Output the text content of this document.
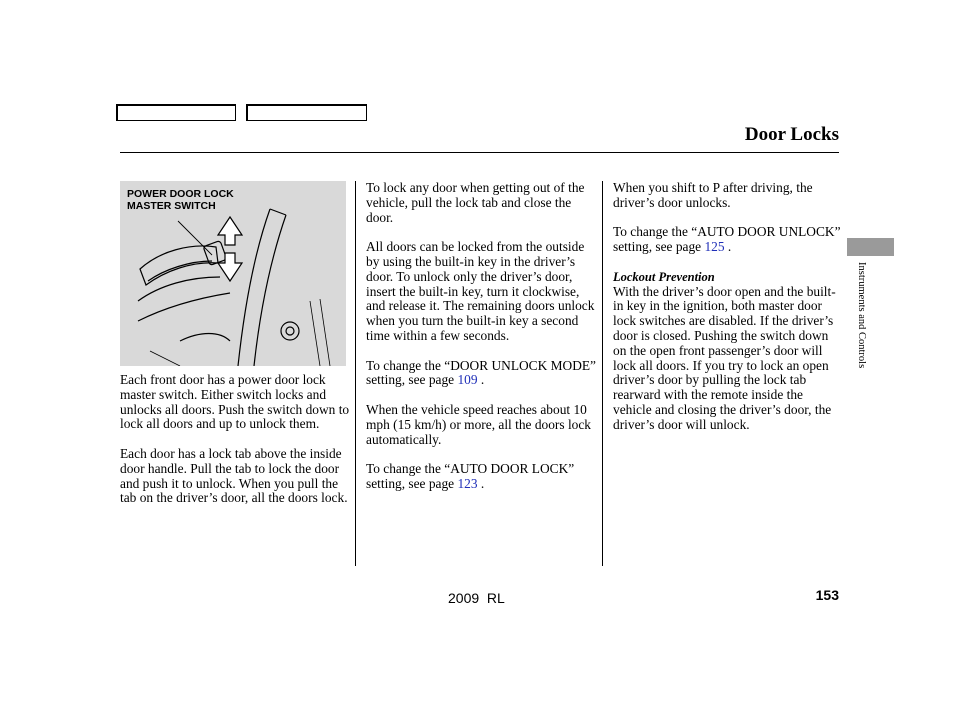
Door Locks
POWER DOOR LOCK
MASTER SWITCH

Each front door has a power door lock master switch. Either switch locks and unlocks all doors. Push the switch down to lock all doors and up to unlock them.

Each door has a lock tab above the inside door handle. Pull the tab to lock the door and push it to unlock. When you pull the tab on the driver’s door, all the doors lock.

To lock any door when getting out of the vehicle, pull the lock tab and close the door.

All doors can be locked from the outside by using the built-in key in the driver’s door. To unlock only the driver’s door, insert the built-in key, turn it clockwise, and release it. The remaining doors unlock when you turn the built-in key a second time within a few seconds.

To change the “DOOR UNLOCK MODE” setting, see page 109 .

When the vehicle speed reaches about 10 mph (15 km/h) or more, all the doors lock automatically.

To change the “AUTO DOOR LOCK” setting, see page 123 .

When you shift to P after driving, the driver’s door unlocks.

To change the “AUTO DOOR UNLOCK” setting, see page 125 .

Lockout Prevention
With the driver’s door open and the built-in key in the ignition, both master door lock switches are disabled. If the driver’s door is closed. Pushing the switch down on the open front passenger’s door will lock all doors. If you try to lock an open driver’s door by pulling the lock tab rearward with the remote inside the vehicle and closing the driver’s door, the driver’s door will unlock.

Instruments and Controls
2009  RL	153
